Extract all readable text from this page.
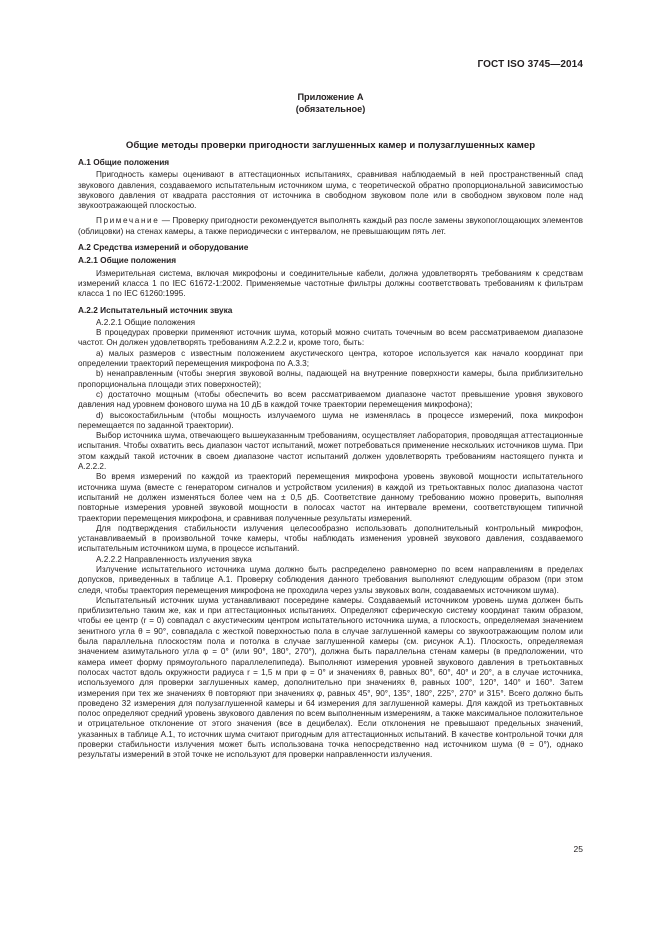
ГОСТ ISO 3745—2014
Приложение А
(обязательное)
Общие методы проверки пригодности заглушенных камер и полузаглушенных камер
А.1 Общие положения

Пригодность камеры оценивают в аттестационных испытаниях, сравнивая наблюдаемый в ней пространственный спад звукового давления, создаваемого испытательным источником шума, с теоретической обратно пропорциональной зависимостью звукового давления от квадрата расстояния от источника в свободном звуковом поле или в свободном звуковом поле над звукоотражающей плоскостью.

Примечание — Проверку пригодности рекомендуется выполнять каждый раз после замены звукопоглощающих элементов (облицовки) на стенах камеры, а также периодически с интервалом, не превышающим пять лет.

А.2 Средства измерений и оборудование
А.2.1 Общие положения

Измерительная система, включая микрофоны и соединительные кабели, должна удовлетворять требованиям к средствам измерений класса 1 по IEC 61672-1:2002. Применяемые частотные фильтры должны соответствовать требованиям к фильтрам класса 1 по IEC 61260:1995.

А.2.2 Испытательный источник звука

А.2.2.1 Общие положения

В процедурах проверки применяют источник шума, который можно считать точечным во всем рассматриваемом диапазоне частот. Он должен удовлетворять требованиям А.2.2.2 и, кроме того, быть:

a) малых размеров с известным положением акустического центра, которое используется как начало координат при определении траекторий перемещения микрофона по А.3.3;

b) ненаправленным (чтобы энергия звуковой волны, падающей на внутренние поверхности камеры, была приблизительно пропорциональна площади этих поверхностей);

c) достаточно мощным (чтобы обеспечить во всем рассматриваемом диапазоне частот превышение уровня звукового давления над уровнем фонового шума на 10 дБ в каждой точке траектории перемещения микрофона);

d) высокостабильным (чтобы мощность излучаемого шума не изменялась в процессе измерений, пока микрофон перемещается по заданной траектории).

Выбор источника шума, отвечающего вышеуказанным требованиям, осуществляет лаборатория, проводящая аттестационные испытания. Чтобы охватить весь диапазон частот испытаний, может потребоваться применение нескольких источников шума. При этом каждый такой источник в своем диапазоне частот испытаний должен удовлетворять требованиям настоящего пункта и А.2.2.2.

Во время измерений по каждой из траекторий перемещения микрофона уровень звуковой мощности испытательного источника шума (вместе с генератором сигналов и устройством усиления) в каждой из третьоктавных полос диапазона частот испытаний не должен изменяться более чем на ± 0,5 дБ. Соответствие данному требованию можно проверить, выполняя повторные измерения уровней звуковой мощности в полосах частот на интервале времени, соответствующем типичной траектории перемещения микрофона, и сравнивая полученные результаты измерений.

Для подтверждения стабильности излучения целесообразно использовать дополнительный контрольный микрофон, устанавливаемый в произвольной точке камеры, чтобы наблюдать изменения уровней звукового давления, создаваемого испытательным источником шума, в процессе испытаний.

А.2.2.2 Направленность излучения звука

Излучение испытательного источника шума должно быть распределено равномерно по всем направлениям в пределах допусков, приведенных в таблице А.1. Проверку соблюдения данного требования выполняют следующим образом (при этом следя, чтобы траектория перемещения микрофона не проходила через узлы звуковых волн, создаваемых источником шума).

Испытательный источник шума устанавливают посередине камеры. Создаваемый источником уровень шума должен быть приблизительно таким же, как и при аттестационных испытаниях. Определяют сферическую систему координат таким образом, чтобы ее центр (r = 0) совпадал с акустическим центром испытательного источника шума, а плоскость, определяемая значением зенитного угла θ = 90°, совпадала с жесткой поверхностью пола в случае заглушенной камеры со звукоотражающим полом или была параллельна плоскостям пола и потолка в случае заглушенной камеры (см. рисунок А.1). Плоскость, определяемая значением азимутального угла φ = 0° (или 90°, 180°, 270°), должна быть параллельна стенам камеры (в предположении, что камера имеет форму прямоугольного параллелепипеда). Выполняют измерения уровней звукового давления в третьоктавных полосах частот вдоль окружности радиуса r = 1,5 м при φ = 0° и значениях θ, равных 80°, 60°, 40° и 20°, а в случае источника, используемого для проверки заглушенных камер, дополнительно при значениях θ, равных 100°, 120°, 140° и 160°. Затем измерения при тех же значениях θ повторяют при значениях φ, равных 45°, 90°, 135°, 180°, 225°, 270° и 315°. Всего должно быть проведено 32 измерения для полузаглушенной камеры и 64 измерения для заглушенной камеры. Для каждой из третьоктавных полос определяют средний уровень звукового давления по всем выполненным измерениям, а также максимальное положительное и отрицательное отклонение от этого значения (все в децибелах). Если отклонения не превышают предельных значений, указанных в таблице А.1, то источник шума считают пригодным для аттестационных испытаний. В качестве контрольной точки для проверки стабильности излучения может быть использована точка непосредственно над источником шума (θ = 0°), однако результаты измерений в этой точке не используют для проверки направленности излучения.

25
